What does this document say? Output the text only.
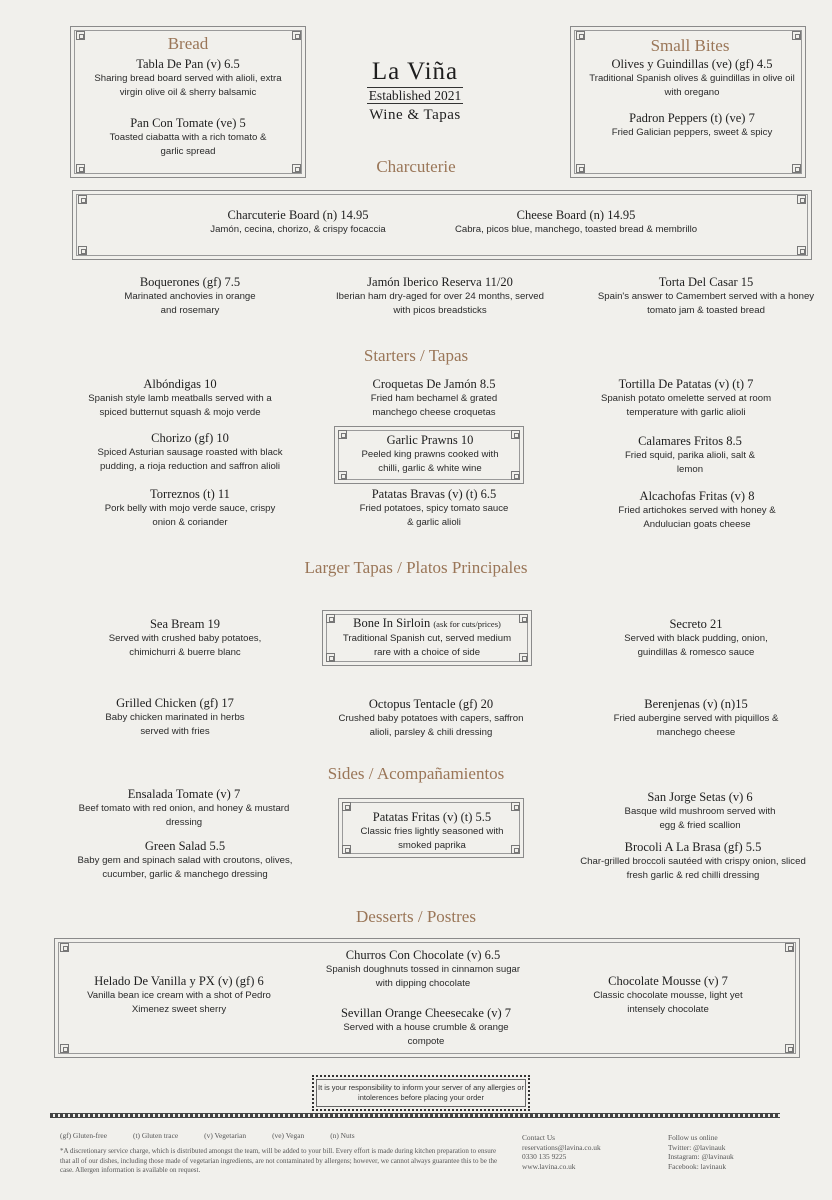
Bread
Tabla De Pan (v) 6.5
Sharing bread board served with alioli, extra virgin olive oil & sherry balsamic
Pan Con Tomate (ve) 5
Toasted ciabatta with a rich tomato & garlic spread
La Viña
Established 2021
Wine & Tapas
Small Bites
Olives y Guindillas (ve) (gf) 4.5
Traditional Spanish olives & guindillas in olive oil with oregano
Padron Peppers (t) (ve) 7
Fried Galician peppers, sweet & spicy
Charcuterie
Charcuterie Board (n) 14.95
Jamón, cecina, chorizo, & crispy focaccia
Cheese Board (n) 14.95
Cabra, picos blue, manchego, toasted bread & membrillo
Boquerones (gf) 7.5
Marinated anchovies in orange and rosemary
Jamón Iberico Reserva 11/20
Iberian ham dry-aged for over 24 months, served with picos breadsticks
Torta Del Casar 15
Spain's answer to Camembert served with a honey tomato jam & toasted bread
Starters / Tapas
Albóndigas 10
Spanish style lamb meatballs served with a spiced butternut squash & mojo verde
Croquetas De Jamón 8.5
Fried ham bechamel & grated manchego cheese croquetas
Tortilla De Patatas (v) (t) 7
Spanish potato omelette served at room temperature with garlic alioli
Chorizo (gf) 10
Spiced Asturian sausage roasted with black pudding, a rioja reduction and saffron alioli
Garlic Prawns 10
Peeled king prawns cooked with chilli, garlic & white wine
Calamares Fritos 8.5
Fried squid, parika alioli, salt & lemon
Torreznos (t) 11
Pork belly with mojo verde sauce, crispy onion & coriander
Patatas Bravas (v) (t) 6.5
Fried potatoes, spicy tomato sauce & garlic alioli
Alcachofas Fritas (v) 8
Fried artichokes served with honey & Andulucian goats cheese
Larger Tapas / Platos Principales
Sea Bream 19
Served with crushed baby potatoes, chimichurri & buerre blanc
Bone In Sirloin (ask for cuts/prices)
Traditional Spanish cut, served medium rare with a choice of side
Secreto 21
Served with black pudding, onion, guindillas & romesco sauce
Grilled Chicken (gf) 17
Baby chicken marinated in herbs served with fries
Octopus Tentacle (gf) 20
Crushed baby potatoes with capers, saffron alioli, parsley & chili dressing
Berenjenas (v) (n)15
Fried aubergine served with piquillos & manchego cheese
Sides / Acompañamientos
Ensalada Tomate (v) 7
Beef tomato with red onion, and honey & mustard dressing	Patatas Fritas (v) (t) 5.5
Classic fries lightly seasoned with smoked paprika
San Jorge Setas (v) 6
Basque wild mushroom served with egg & fried scallion
Green Salad 5.5
Baby gem and spinach salad with croutons, olives, cucumber, garlic & manchego dressing
Brocoli A La Brasa (gf) 5.5
Char-grilled broccoli sautéed with crispy onion, sliced fresh garlic & red chilli dressing
Desserts / Postres
Churros Con Chocolate (v) 6.5
Spanish doughnuts tossed in cinnamon sugar with dipping chocolate
Helado De Vanilla y PX (v) (gf) 6
Vanilla bean ice cream with a shot of Pedro Ximenez sweet sherry
Chocolate Mousse (v) 7
Classic chocolate mousse, light yet intensely chocolate
Sevillan Orange Cheesecake (v) 7
Served with a house crumble & orange compote
It is your responsibility to inform your server of any allergies or intolerences before placing your order
(gf) Gluten-free	(t) Gluten trace	(v) Vegetarian	(ve) Vegan	(n) Nuts
*A discretionary service charge, which is distributed amongst the team, will be added to your bill. Every effort is made during kitchen preparation to ensure that all of our dishes, including those made of vegetarian ingredients, are not contaminated by allergens; however, we cannot always guarantee this to be the case. Allergen information is available on request.
Contact Us
reservations@lavina.co.uk
0330 135 9225
www.lavina.co.uk
Follow us online
Twitter: @lavinauk
Instagram: @lavinauk
Facebook: lavinauk
